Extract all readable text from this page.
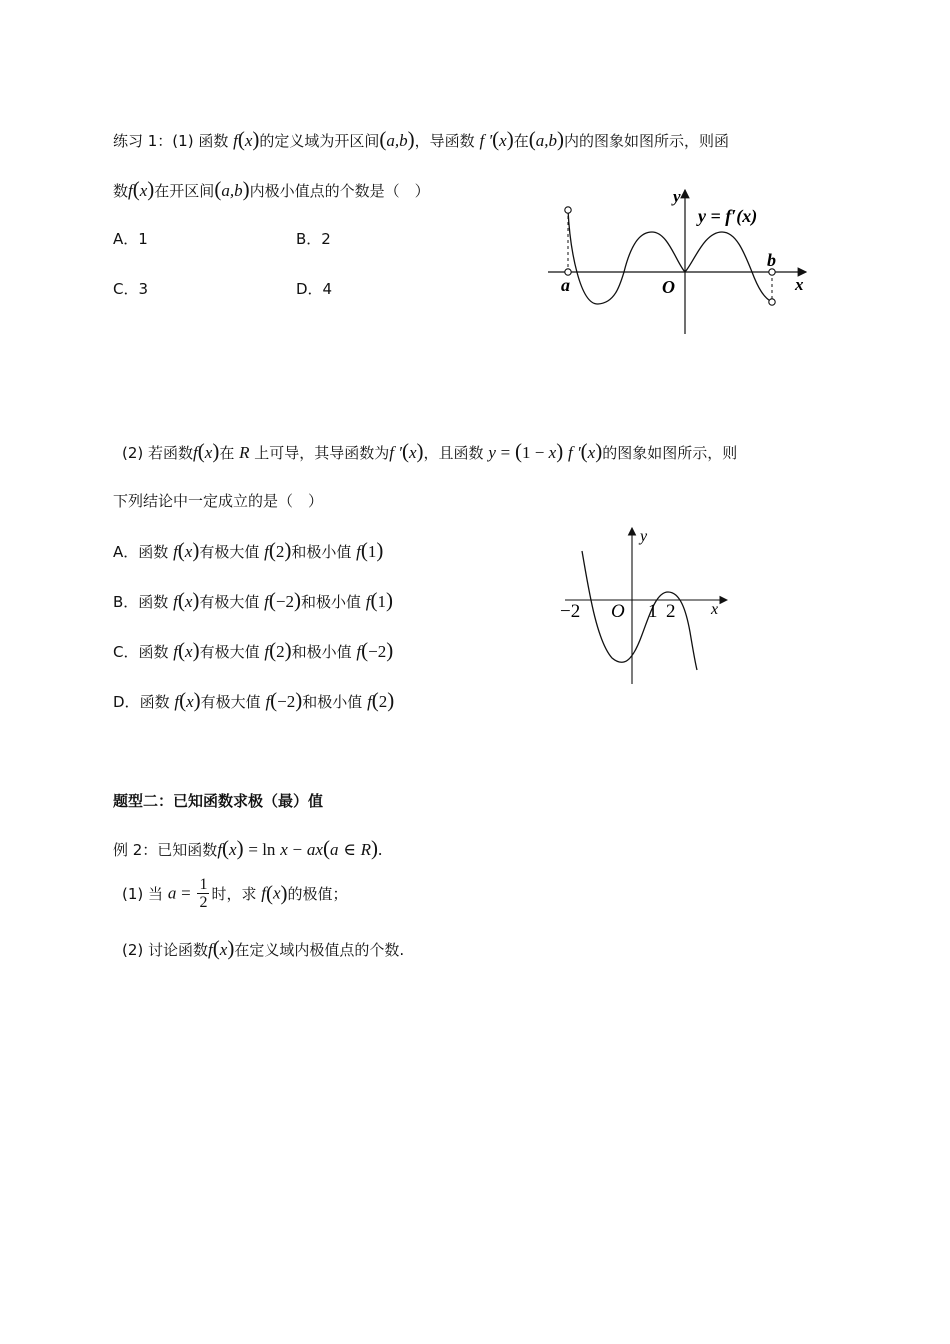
练习 1：(1) 函数 f(x)的定义域为开区间(a,b)，导函数 f ′(x)在(a,b)内的图象如图所示，则函
数f(x)在开区间(a,b)内极小值点的个数是（　）
A．1	B．2
C．3	D．4
y
y = f′(x)
a
b
O	x
(2) 若函数f(x)在 R 上可导，其导函数为f ′(x)，且函数 y = (1 − x) f ′(x)的图象如图所示，则
下列结论中一定成立的是（　）
A．函数 f(x)有极大值 f(2)和极小值 f(1)
B．函数 f(x)有极大值 f(−2)和极小值 f(1)
C．函数 f(x)有极大值 f(2)和极小值 f(−2)
D．函数 f(x)有极大值 f(−2)和极小值 f(2)
y
x
O
−2	1 2
题型二：已知函数求极（最）值
例 2：已知函数f(x) = ln x − ax(a ∈ R).
(1) 当 $a = \frac{1}{2}$ 时，求 f(x)的极值；
(2) 讨论函数f(x)在定义域内极值点的个数.
